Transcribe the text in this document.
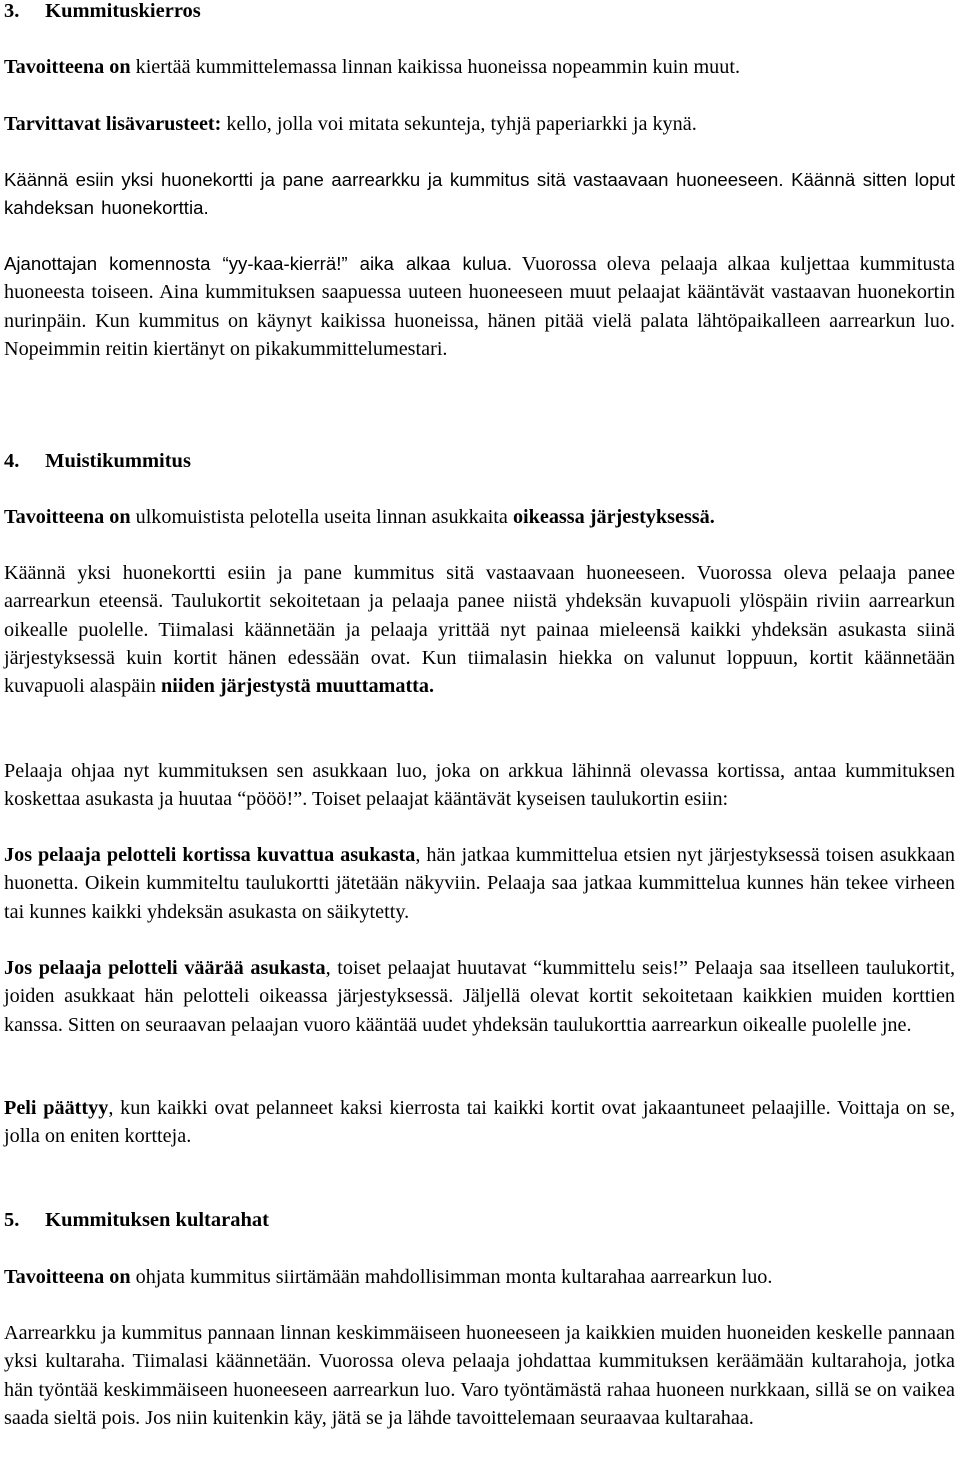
3. Kummituskierros

Tavoitteena on kiertää kummittelemassa linnan kaikissa huoneissa nopeammin kuin muut.

Tarvittavat lisävarusteet: kello, jolla voi mitata sekunteja, tyhjä paperiarkki ja kynä.

Käännä esiin yksi huonekortti ja pane aarrearkku ja kummitus sitä vastaavaan huoneeseen. Käännä sitten loput kahdeksan huonekorttia.

Ajanottajan komennosta “yy-kaa-kierrä!” aika alkaa kulua. Vuorossa oleva pelaaja alkaa kuljettaa kummitusta huoneesta toiseen. Aina kummituksen saapuessa uuteen huoneeseen muut pelaajat kääntävät vastaavan huonekortin nurinpäin. Kun kummitus on käynyt kaikissa huoneissa, hänen pitää vielä palata lähtöpaikalleen aarrearkun luo. Nopeimmin reitin kiertänyt on pikakummittelumestari.

4. Muistikummitus

Tavoitteena on ulkomuistista pelotella useita linnan asukkaita oikeassa järjestyksessä.

Käännä yksi huonekortti esiin ja pane kummitus sitä vastaavaan huoneeseen. Vuorossa oleva pelaaja panee aarrearkun eteensä. Taulukortit sekoitetaan ja pelaaja panee niistä yhdeksän kuvapuoli ylöspäin riviin aarrearkun oikealle puolelle. Tiimalasi käännetään ja pelaaja yrittää nyt painaa mieleensä kaikki yhdeksän asukasta siinä järjestyksessä kuin kortit hänen edessään ovat. Kun tiimalasin hiekka on valunut loppuun, kortit käännetään kuvapuoli alaspäin niiden järjestystä muuttamatta.

Pelaaja ohjaa nyt kummituksen sen asukkaan luo, joka on arkkua lähinnä olevassa kortissa, antaa kummituksen koskettaa asukasta ja huutaa “pööö!”. Toiset pelaajat kääntävät kyseisen taulukortin esiin:

Jos pelaaja pelotteli kortissa kuvattua asukasta, hän jatkaa kummittelua etsien nyt järjestyksessä toisen asukkaan huonetta. Oikein kummiteltu taulukortti jätetään näkyviin. Pelaaja saa jatkaa kummittelua kunnes hän tekee virheen tai kunnes kaikki yhdeksän asukasta on säikytetty.

Jos pelaaja pelotteli väärää asukasta, toiset pelaajat huutavat “kummittelu seis!” Pelaaja saa itselleen taulukortit, joiden asukkaat hän pelotteli oikeassa järjestyksessä. Jäljellä olevat kortit sekoitetaan kaikkien muiden korttien kanssa. Sitten on seuraavan pelaajan vuoro kääntää uudet yhdeksän taulukorttia aarrearkun oikealle puolelle jne.

Peli päättyy, kun kaikki ovat pelanneet kaksi kierrosta tai kaikki kortit ovat jakaantuneet pelaajille. Voittaja on se, jolla on eniten kortteja.

5. Kummituksen kultarahat

Tavoitteena on ohjata kummitus siirtämään mahdollisimman monta kultarahaa aarrearkun luo.

Aarrearkku ja kummitus pannaan linnan keskimmäiseen huoneeseen ja kaikkien muiden huoneiden keskelle pannaan yksi kultaraha. Tiimalasi käännetään. Vuorossa oleva pelaaja johdattaa kummituksen keräämään kultarahoja, jotka hän työntää keskimmäiseen huoneeseen aarrearkun luo. Varo työntämästä rahaa huoneen nurkkaan, sillä se on vaikea saada sieltä pois. Jos niin kuitenkin käy, jätä se ja lähde tavoittelemaan seuraavaa kultarahaa.
